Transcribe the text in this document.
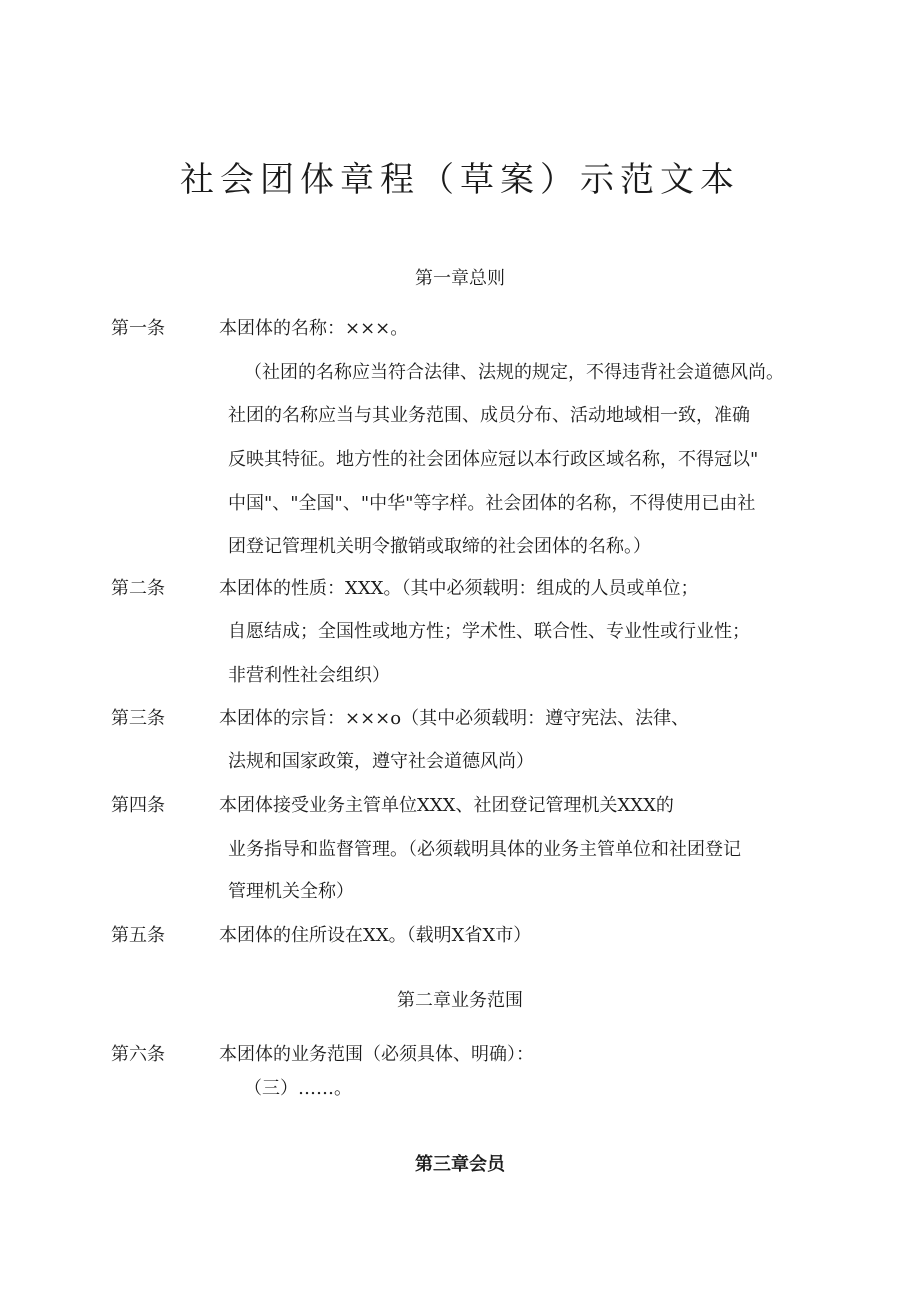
社会团体章程（草案）示范文本
第一章总则
第一条	本团体的名称：×××。
（社团的名称应当符合法律、法规的规定，不得违背社会道德风尚。
社团的名称应当与其业务范围、成员分布、活动地域相一致，准确
反映其特征。地方性的社会团体应冠以本行政区域名称，不得冠以"
中国"、"全国"、"中华"等字样。社会团体的名称，不得使用已由社
团登记管理机关明令撤销或取缔的社会团体的名称。）
第二条	本团体的性质：XXX。（其中必须载明：组成的人员或单位；
自愿结成；全国性或地方性；学术性、联合性、专业性或行业性；
非营利性社会组织）
第三条	本团体的宗旨：×××o（其中必须载明：遵守宪法、法律、
法规和国家政策，遵守社会道德风尚）
第四条	本团体接受业务主管单位XXX、社团登记管理机关XXX的
业务指导和监督管理。（必须载明具体的业务主管单位和社团登记
管理机关全称）
第五条	本团体的住所设在XX。（载明X省X市）
第二章业务范围
第六条	本团体的业务范围（必须具体、明确）：
（三）……。
第三章会员
